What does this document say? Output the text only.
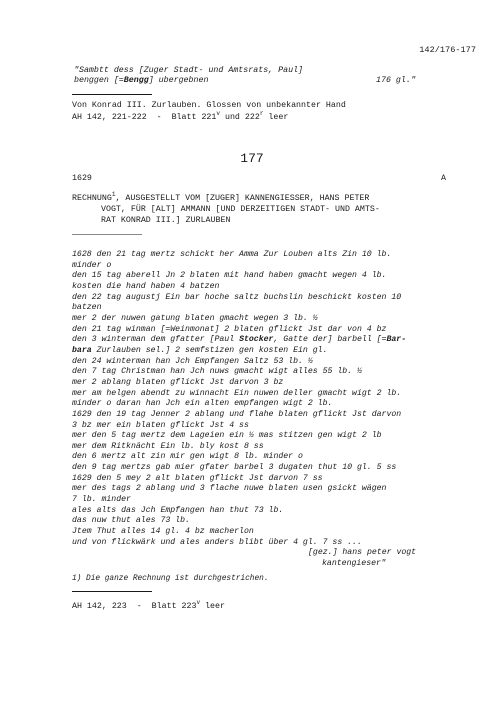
142/176-177
"Sambtt dess [Zuger Stadt- und Amtsrats, Paul]
benggen [=Bengg] ubergebnen	176 gl."
Von Konrad III. Zurlauben. Glossen von unbekannter Hand
AH 142, 221-222  -  Blatt 221$^v$ und 222$^r$ leer
177
1629	A
RECHNUNG$^1$, AUSGESTELLT VOM [ZUGER] KANNENGIESSER, HANS PETER
VOGT, FÜR [ALT] AMMANN [UND DERZEITIGEN STADT- UND AMTS-
RAT KONRAD III.] ZURLAUBEN
1628 den 21 tag mertz schickt her Amma Zur Louben alts Zin 10 lb.
minder o
den 15 tag aberell Jn 2 blaten mit hand haben gmacht wegen 4 lb.
kosten die hand haben 4 batzen
den 22 tag augustj Ein bar hoche saltz buchslin beschickt kosten 10
batzen
mer 2 der nuwen gatung blaten gmacht wegen 3 lb. ½
den 21 tag winman [=Weinmonat] 2 blaten gflickt Jst dar von 4 bz
den 3 winterman dem gfatter [Paul Stocker, Gatte der] barbell [=Bar-
bara Zurlauben sel.] 2 semfstizen gen kosten Ein gl.
den 24 winterman han Jch Empfangen Saltz 53 lb. ½
den 7 tag Christman han Jch nuws gmacht wigt alles 55 lb. ½
mer 2 ablang blaten gflickt Jst darvon 3 bz
mer am helgen abendt zu winnacht Ein nuwen deller gmacht wigt 2 lb.
minder o daran han Jch ein alten empfangen wigt 2 lb.
1629 den 19 tag Jenner 2 ablang und flahe blaten gflickt Jst darvon
3 bz mer ein blaten gflickt Jst 4 ss
mer den 5 tag mertz dem Lageien ein ½ mas stitzen gen wigt 2 lb
mer dem Ritknächt Ein lb. bly kost 8 ss
den 6 mertz alt zin mir gen wigt 8 lb. minder o
den 9 tag mertzs gab mier gfater barbel 3 dugaten thut 10 gl. 5 ss
1629 den 5 mey 2 alt blaten gflickt Jst darvon 7 ss
mer des tags 2 ablang und 3 flache nuwe blaten usen gsickt wägen
7 lb. minder
ales alts das Jch Empfangen han thut 73 lb.
das nuw thut ales 73 lb.
Jtem Thut alles 14 gl. 4 bz macherlon
und von flickwärk und ales anders blibt über 4 gl. 7 ss ...
[gez.] hans peter vogt
kantengieser"
1) Die ganze Rechnung ist durchgestrichen.
AH 142, 223  -  Blatt 223$^v$ leer
